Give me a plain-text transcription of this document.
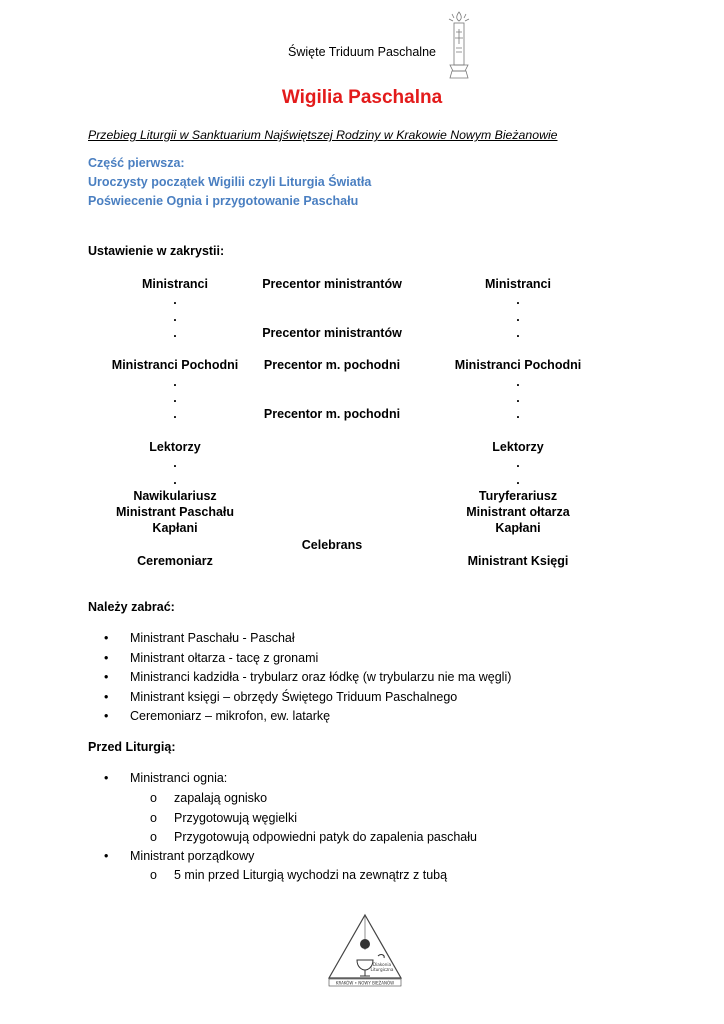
Święte Triduum Paschalne
Wigilia Paschalna
Przebieg Liturgii w Sanktuarium Najświętszej Rodziny w Krakowie Nowym Bieżanowie
Część pierwsza:
Uroczysty początek Wigilii czyli Liturgia Światła
Poświecenie Ognia i przygotowanie Paschału
Ustawienie w zakrystii:
Ministranci
.
.
.
Ministranci Pochodni
.
.
.
Lektorzy
.
.
Nawikulariusz
Ministrant Paschału
Kapłani
Ceremoniarz
Precentor ministrantów
Precentor ministrantów
Precentor m. pochodni
Precentor m. pochodni
Celebrans
Ministranci
.
.
.
Ministranci Pochodni
.
.
.
Lektorzy
.
.
Turyferariusz
Ministrant ołtarza
Kapłani
Ministrant Księgi
Należy zabrać:
• Ministrant Paschału - Paschał
• Ministrant ołtarza - tacę z gronami
• Ministranci kadzidła - trybularz oraz łódkę (w trybularzu nie ma węgli)
• Ministrant księgi – obrzędy Świętego Triduum Paschalnego
• Ceremoniarz – mikrofon, ew. latarkę
Przed Liturgią:
• Ministranci ognia:
o zapalają ognisko
o Przygotowują węgielki
o Przygotowują odpowiedni patyk do zapalenia paschału
• Ministrant porządkowy
o 5 min przed Liturgią wychodzi na zewnątrz z tubą
Diakonia
Liturgiczna
KRAKÓW • NOWY BIEŻANÓW
